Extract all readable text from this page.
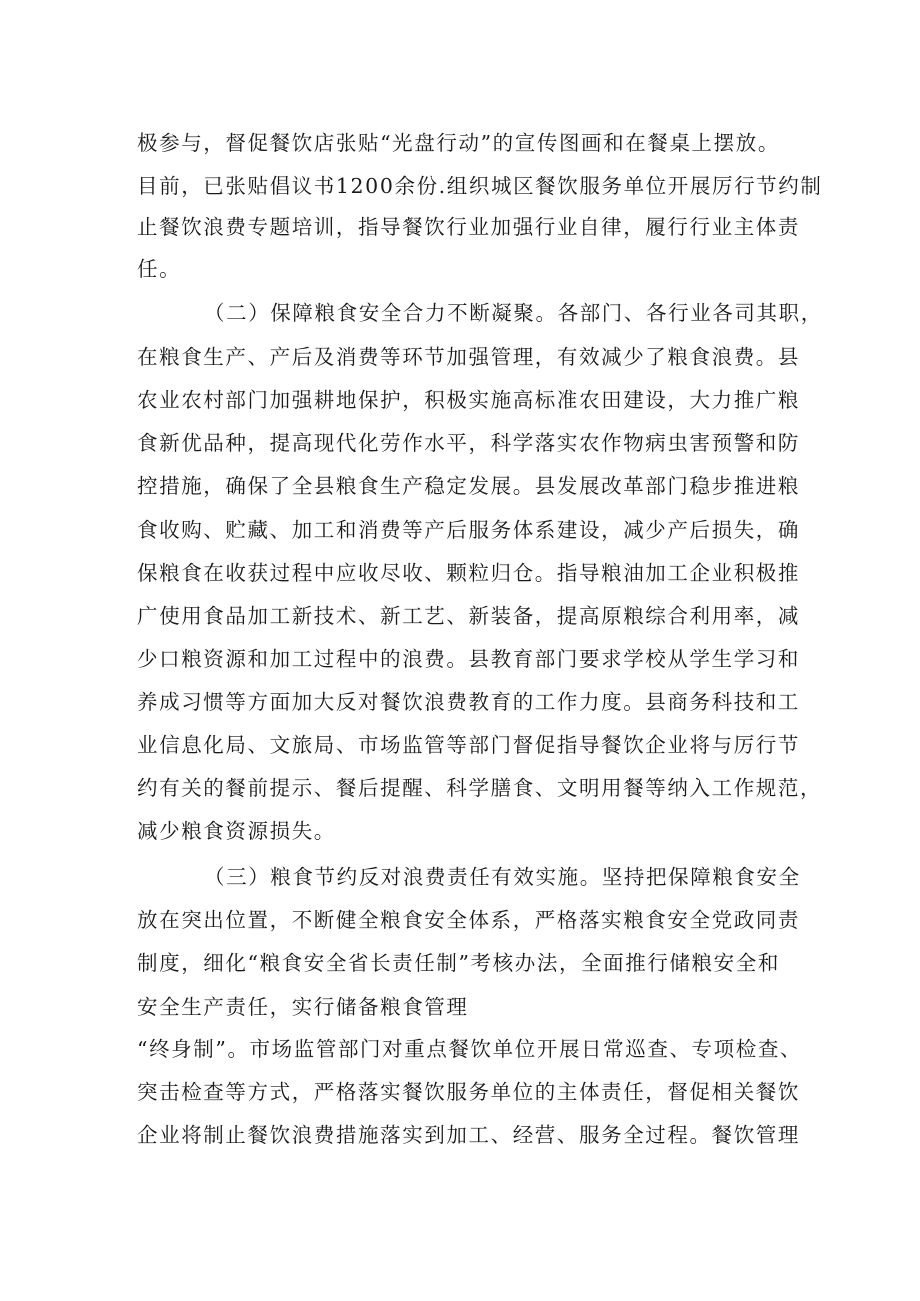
极参与，督促餐饮店张贴“光盘行动”的宣传图画和在餐桌上摆放。
目前，已张贴倡议书1200余份.组织城区餐饮服务单位开展厉行节约制
止餐饮浪费专题培训，指导餐饮行业加强行业自律，履行行业主体责
任。
（二）保障粮食安全合力不断凝聚。各部门、各行业各司其职，
在粮食生产、产后及消费等环节加强管理，有效减少了粮食浪费。县
农业农村部门加强耕地保护，积极实施高标准农田建设，大力推广粮
食新优品种，提高现代化劳作水平，科学落实农作物病虫害预警和防
控措施，确保了全县粮食生产稳定发展。县发展改革部门稳步推进粮
食收购、贮藏、加工和消费等产后服务体系建设，减少产后损失，确
保粮食在收获过程中应收尽收、颗粒归仓。指导粮油加工企业积极推
广使用食品加工新技术、新工艺、新装备，提高原粮综合利用率，减
少口粮资源和加工过程中的浪费。县教育部门要求学校从学生学习和
养成习惯等方面加大反对餐饮浪费教育的工作力度。县商务科技和工
业信息化局、文旅局、市场监管等部门督促指导餐饮企业将与厉行节
约有关的餐前提示、餐后提醒、科学膳食、文明用餐等纳入工作规范，
减少粮食资源损失。
（三）粮食节约反对浪费责任有效实施。坚持把保障粮食安全
放在突出位置，不断健全粮食安全体系，严格落实粮食安全党政同责
制度，细化“粮食安全省长责任制”考核办法，全面推行储粮安全和
安全生产责任，实行储备粮食管理
“终身制”。市场监管部门对重点餐饮单位开展日常巡查、专项检查、
突击检查等方式，严格落实餐饮服务单位的主体责任，督促相关餐饮
企业将制止餐饮浪费措施落实到加工、经营、服务全过程。餐饮管理
